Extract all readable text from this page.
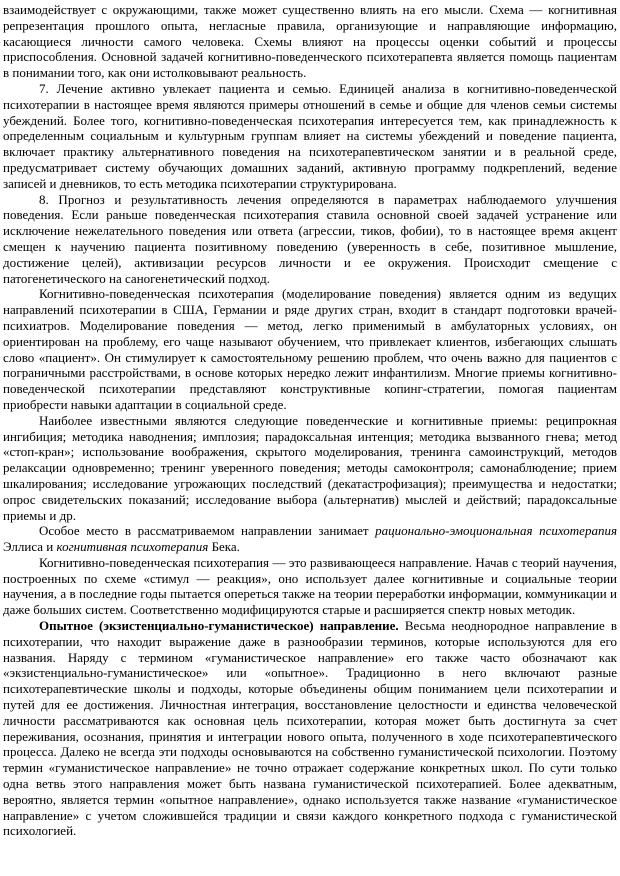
взаимодействует с окружающими, также может существенно влиять на его мысли. Схема — когнитивная репрезентация прошлого опыта, негласные правила, организующие и направляющие информацию, касающиеся личности самого человека. Схемы влияют на процессы оценки событий и процессы приспособления. Основной задачей когнитивно-поведенческого психотерапевта является помощь пациентам в понимании того, как они истолковывают реальность.

7. Лечение активно увлекает пациента и семью. Единицей анализа в когнитивно-поведенческой психотерапии в настоящее время являются примеры отношений в семье и общие для членов семьи системы убеждений. Более того, когнитивно-поведенческая психотерапия интересуется тем, как принадлежность к определенным социальным и культурным группам влияет на системы убеждений и поведение пациента, включает практику альтернативного поведения на психотерапевтическом занятии и в реальной среде, предусматривает систему обучающих домашних заданий, активную программу подкреплений, ведение записей и дневников, то есть методика психотерапии структурирована.

8. Прогноз и результативность лечения определяются в параметрах наблюдаемого улучшения поведения. Если раньше поведенческая психотерапия ставила основной своей задачей устранение или исключение нежелательного поведения или ответа (агрессии, тиков, фобии), то в настоящее время акцент смещен к научению пациента позитивному поведению (уверенность в себе, позитивное мышление, достижение целей), активизации ресурсов личности и ее окружения. Происходит смещение с патогенетического на саногенетический подход.

Когнитивно-поведенческая психотерапия (моделирование поведения) является одним из ведущих направлений психотерапии в США, Германии и ряде других стран, входит в стандарт подготовки врачей-психиатров. Моделирование поведения — метод, легко применимый в амбулаторных условиях, он ориентирован на проблему, его чаще называют обучением, что привлекает клиентов, избегающих слышать слово «пациент». Он стимулирует к самостоятельному решению проблем, что очень важно для пациентов с пограничными расстройствами, в основе которых нередко лежит инфантилизм. Многие приемы когнитивно-поведенческой психотерапии представляют конструктивные копинг-стратегии, помогая пациентам приобрести навыки адаптации в социальной среде.

Наиболее известными являются следующие поведенческие и когнитивные приемы: реципрокная ингибиция; методика наводнения; имплозия; парадоксальная интенция; методика вызванного гнева; метод «стоп-кран»; использование воображения, скрытого моделирования, тренинга самоинструкций, методов релаксации одновременно; тренинг уверенного поведения; методы самоконтроля; самонаблюдение; прием шкалирования; исследование угрожающих последствий (декатастрофизация); преимущества и недостатки; опрос свидетельских показаний; исследование выбора (альтернатив) мыслей и действий; парадоксальные приемы и др.

Особое место в рассматриваемом направлении занимает рационально-эмоциональная психотерапия Эллиса и когнитивная психотерапия Бека.

Когнитивно-поведенческая психотерапия — это развивающееся направление. Начав с теорий научения, построенных по схеме «стимул — реакция», оно использует далее когнитивные и социальные теории научения, а в последние годы пытается опереться также на теории переработки информации, коммуникации и даже больших систем. Соответственно модифицируются старые и расширяется спектр новых методик.

Опытное (экзистенциально-гуманистическое) направление. Весьма неоднородное направление в психотерапии, что находит выражение даже в разнообразии терминов, которые используются для его названия. Наряду с термином «гуманистическое направление» его также часто обозначают как «экзистенциально-гуманистическое» или «опытное». Традиционно в него включают разные психотерапевтические школы и подходы, которые объединены общим пониманием цели психотерапии и путей для ее достижения. Личностная интеграция, восстановление целостности и единства человеческой личности рассматриваются как основная цель психотерапии, которая может быть достигнута за счет переживания, осознания, принятия и интеграции нового опыта, полученного в ходе психотерапевтического процесса. Далеко не всегда эти подходы основываются на собственно гуманистической психологии. Поэтому термин «гуманистическое направление» не точно отражает содержание конкретных школ. По сути только одна ветвь этого направления может быть названа гуманистической психотерапией. Более адекватным, вероятно, является термин «опытное направление», однако используется также название «гуманистическое направление» с учетом сложившейся традиции и связи каждого конкретного подхода с гуманистической психологией.
